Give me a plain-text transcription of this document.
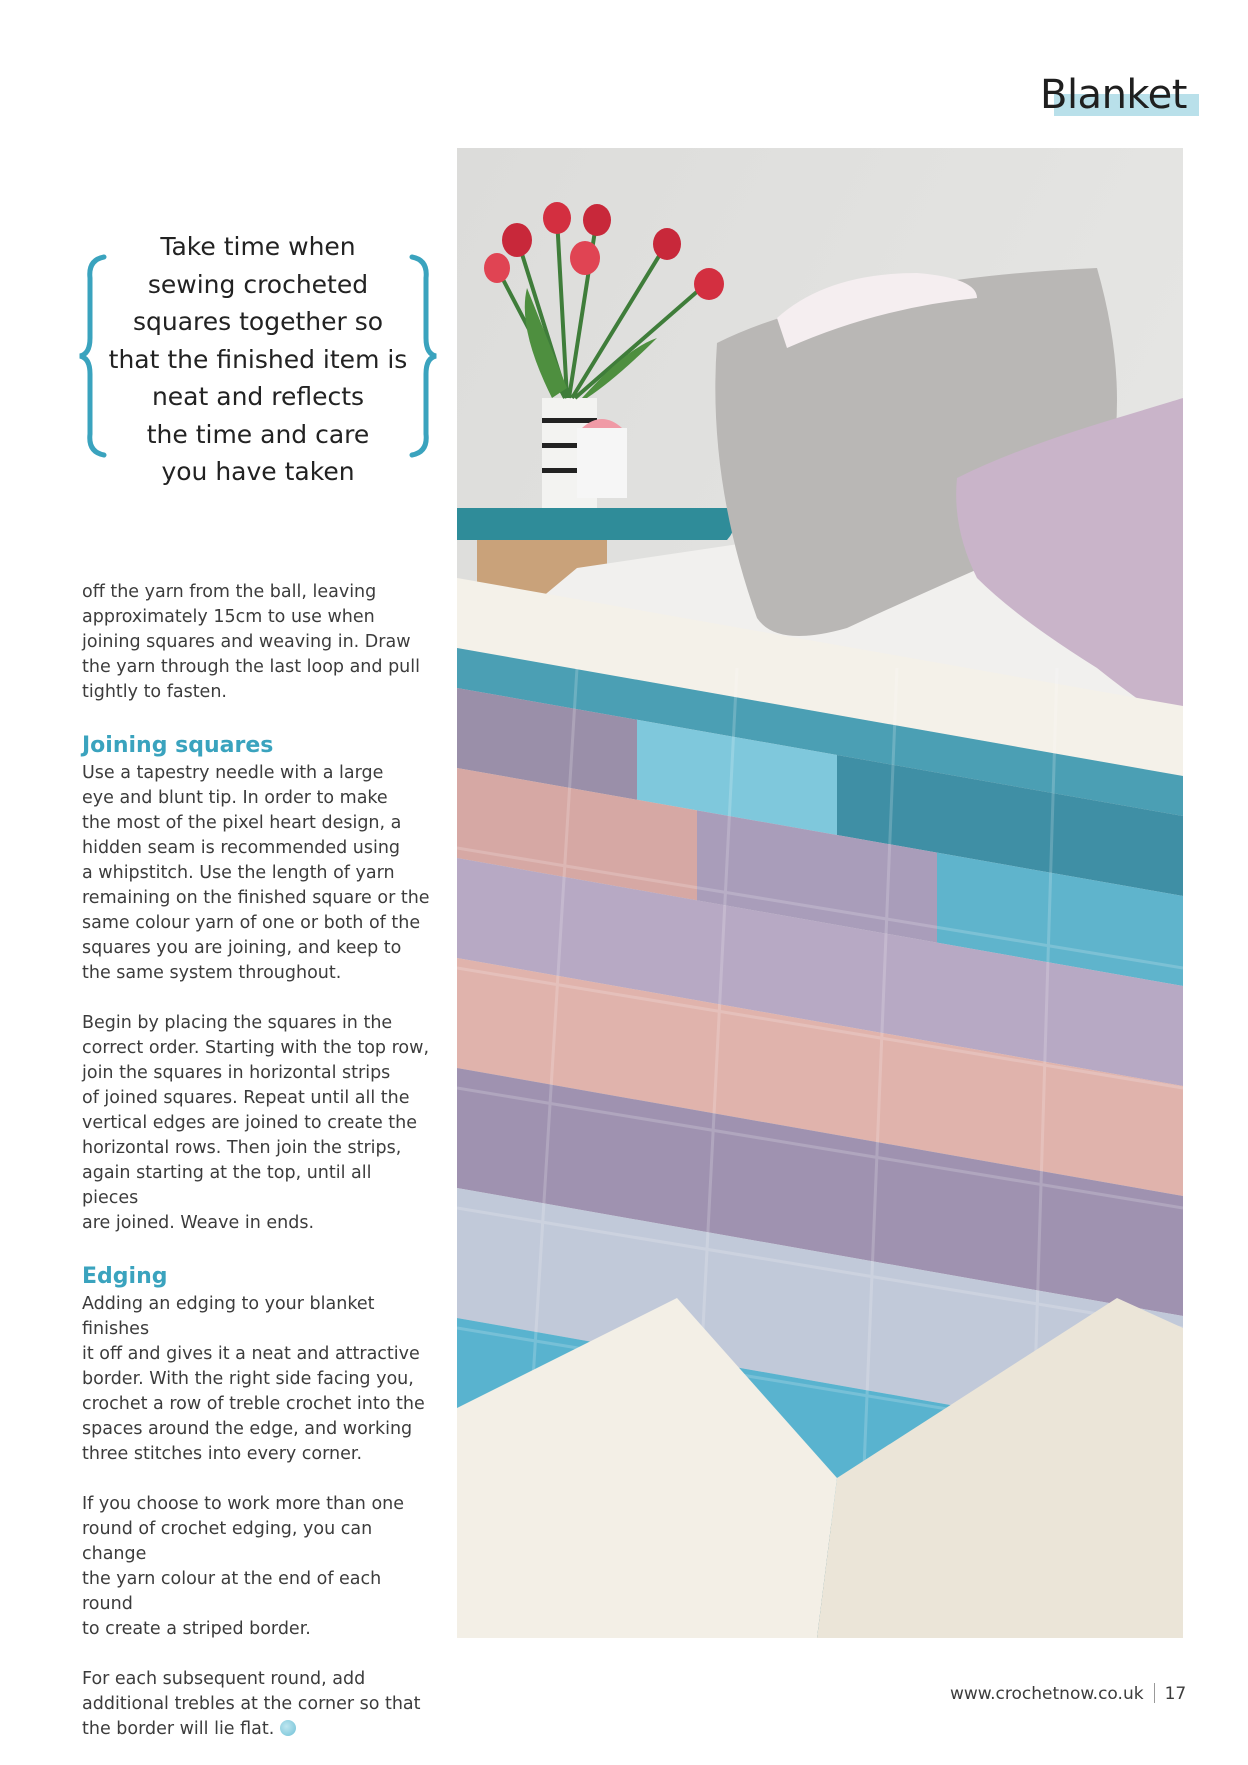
Blanket
Take time when
sewing crocheted
squares together so
that the finished item is
neat and reflects
the time and care
you have taken

off the yarn from the ball, leaving
approximately 15cm to use when
joining squares and weaving in. Draw
the yarn through the last loop and pull
tightly to fasten.

Joining squares

Use a tapestry needle with a large
eye and blunt tip. In order to make
the most of the pixel heart design, a
hidden seam is recommended using
a whipstitch. Use the length of yarn
remaining on the finished square or the
same colour yarn of one or both of the
squares you are joining, and keep to
the same system throughout.

Begin by placing the squares in the
correct order. Starting with the top row,
join the squares in horizontal strips
of joined squares. Repeat until all the
vertical edges are joined to create the
horizontal rows. Then join the strips,
again starting at the top, until all pieces
are joined. Weave in ends.

Edging

Adding an edging to your blanket finishes
it off and gives it a neat and attractive
border. With the right side facing you,
crochet a row of treble crochet into the
spaces around the edge, and working
three stitches into every corner.

If you choose to work more than one
round of crochet edging, you can change
the yarn colour at the end of each round
to create a striped border.

For each subsequent round, add
additional trebles at the corner so that
the border will lie flat.

www.crochetnow.co.uk 17
